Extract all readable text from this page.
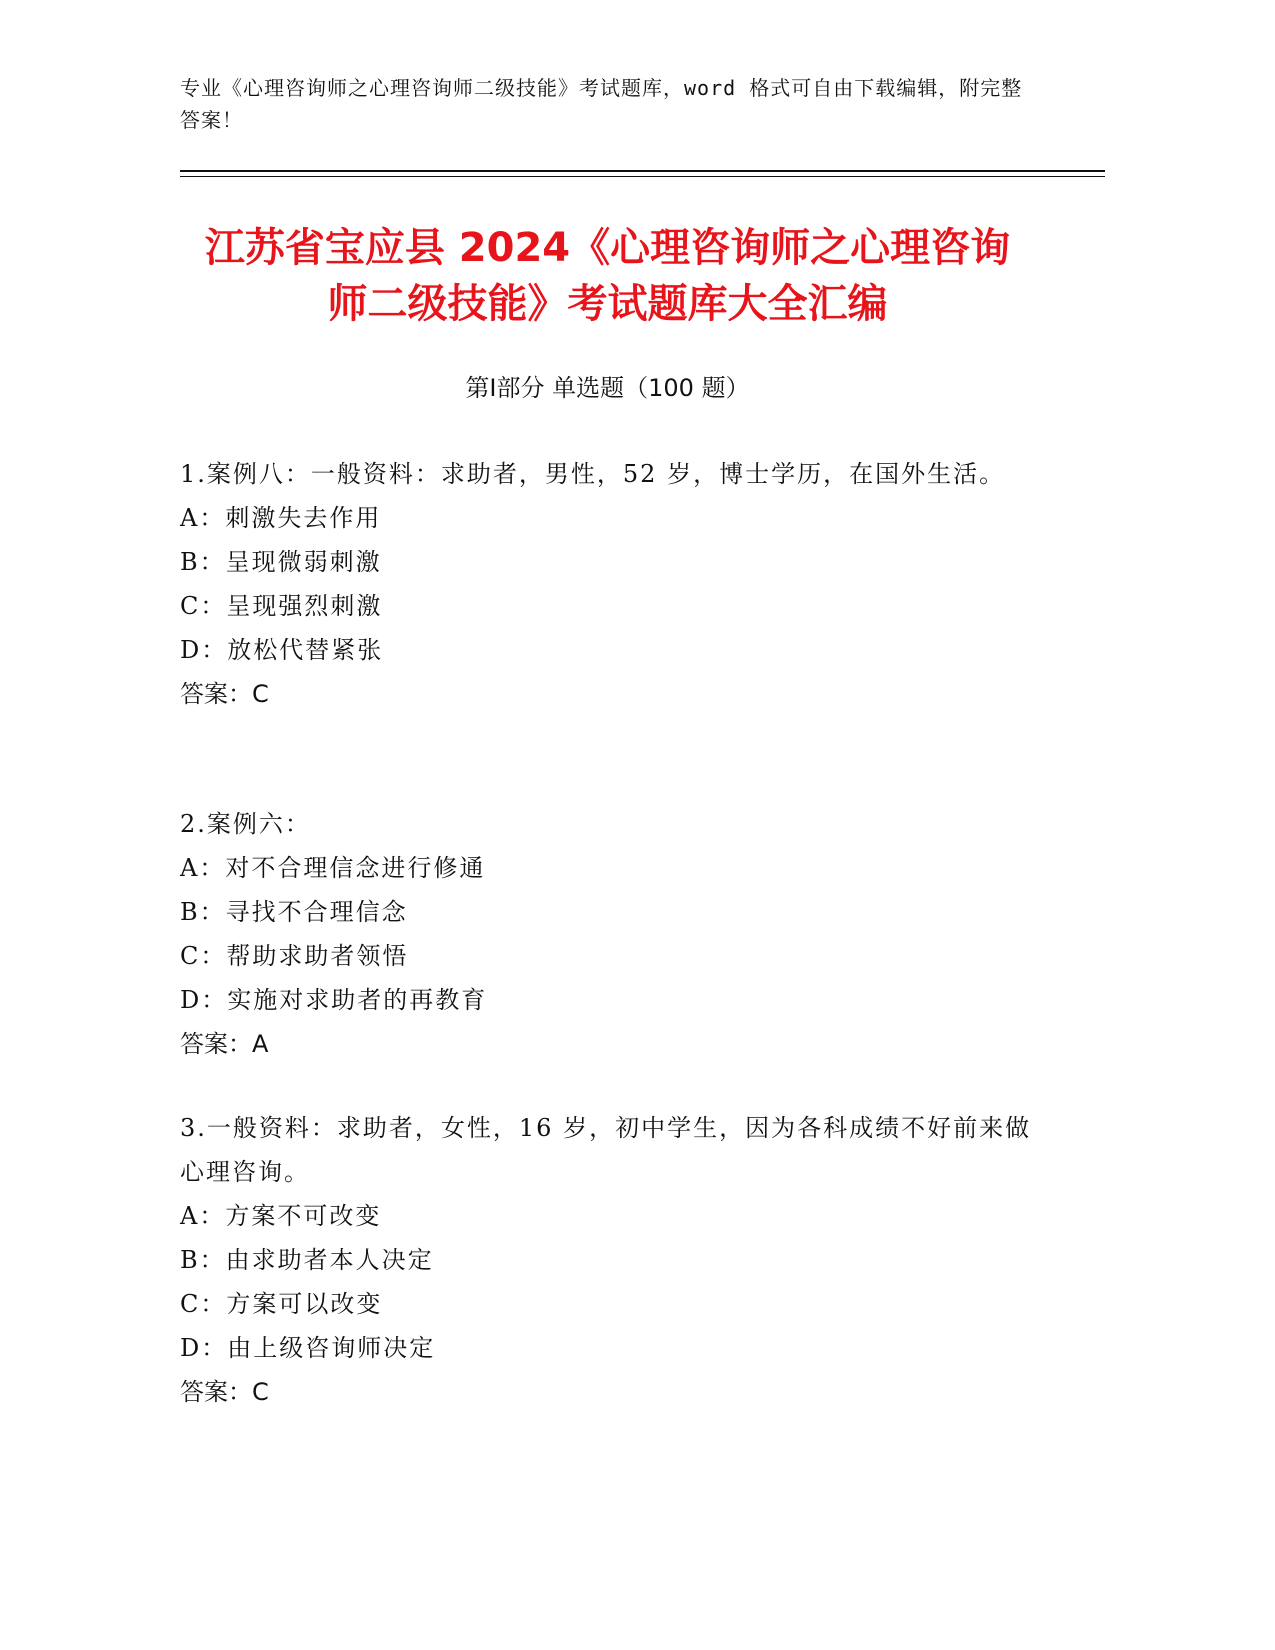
专业《心理咨询师之心理咨询师二级技能》考试题库，word 格式可自由下载编辑，附完整答案！
江苏省宝应县 2024《心理咨询师之心理咨询
师二级技能》考试题库大全汇编
第Ⅰ部分 单选题（100 题）
1.案例八：一般资料：求助者，男性，52 岁，博士学历，在国外生活。
A：刺激失去作用
B：呈现微弱刺激
C：呈现强烈刺激
D：放松代替紧张
答案：C
2.案例六：
A：对不合理信念进行修通
B：寻找不合理信念
C：帮助求助者领悟
D：实施对求助者的再教育
答案：A
3.一般资料：求助者，女性，16 岁，初中学生，因为各科成绩不好前来做心理咨询。
A：方案不可改变
B：由求助者本人决定
C：方案可以改变
D：由上级咨询师决定
答案：C
